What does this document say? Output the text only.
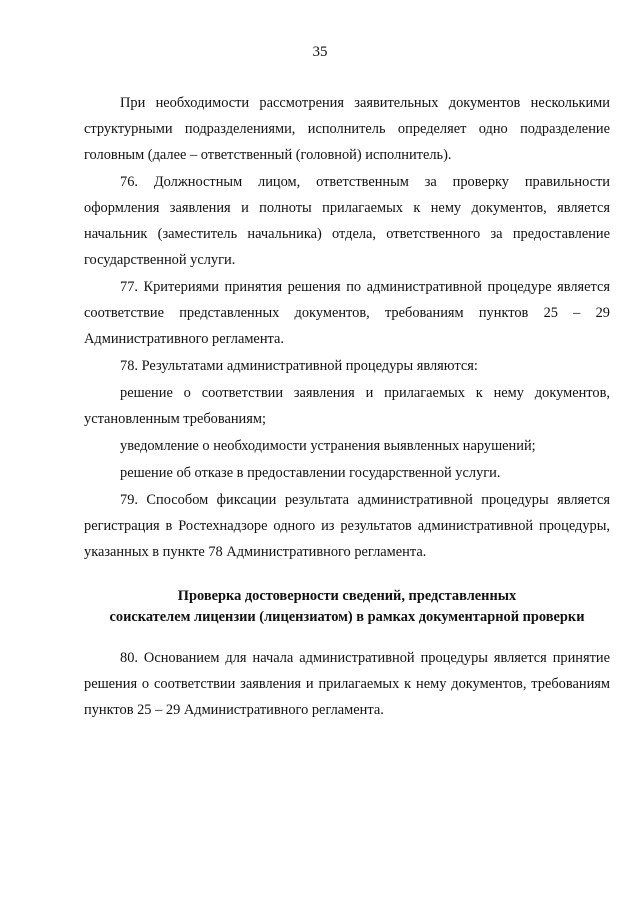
35

При необходимости рассмотрения заявительных документов несколькими структурными подразделениями, исполнитель определяет одно подразделение головным (далее – ответственный (головной) исполнитель).

76. Должностным лицом, ответственным за проверку правильности оформления заявления и полноты прилагаемых к нему документов, является начальник (заместитель начальника) отдела, ответственного за предоставление государственной услуги.

77. Критериями принятия решения по административной процедуре является соответствие представленных документов, требованиям пунктов 25 – 29 Административного регламента.

78. Результатами административной процедуры являются:

решение о соответствии заявления и прилагаемых к нему документов, установленным требованиям;

уведомление о необходимости устранения выявленных нарушений;

решение об отказе в предоставлении государственной услуги.

79. Способом фиксации результата административной процедуры является регистрация в Ростехнадзоре одного из результатов административной процедуры, указанных в пункте 78 Административного регламента.

Проверка достоверности сведений, представленных
соискателем лицензии (лицензиатом) в рамках документарной проверки

80. Основанием для начала административной процедуры является принятие решения о соответствии заявления и прилагаемых к нему документов, требованиям пунктов 25 – 29 Административного регламента.
